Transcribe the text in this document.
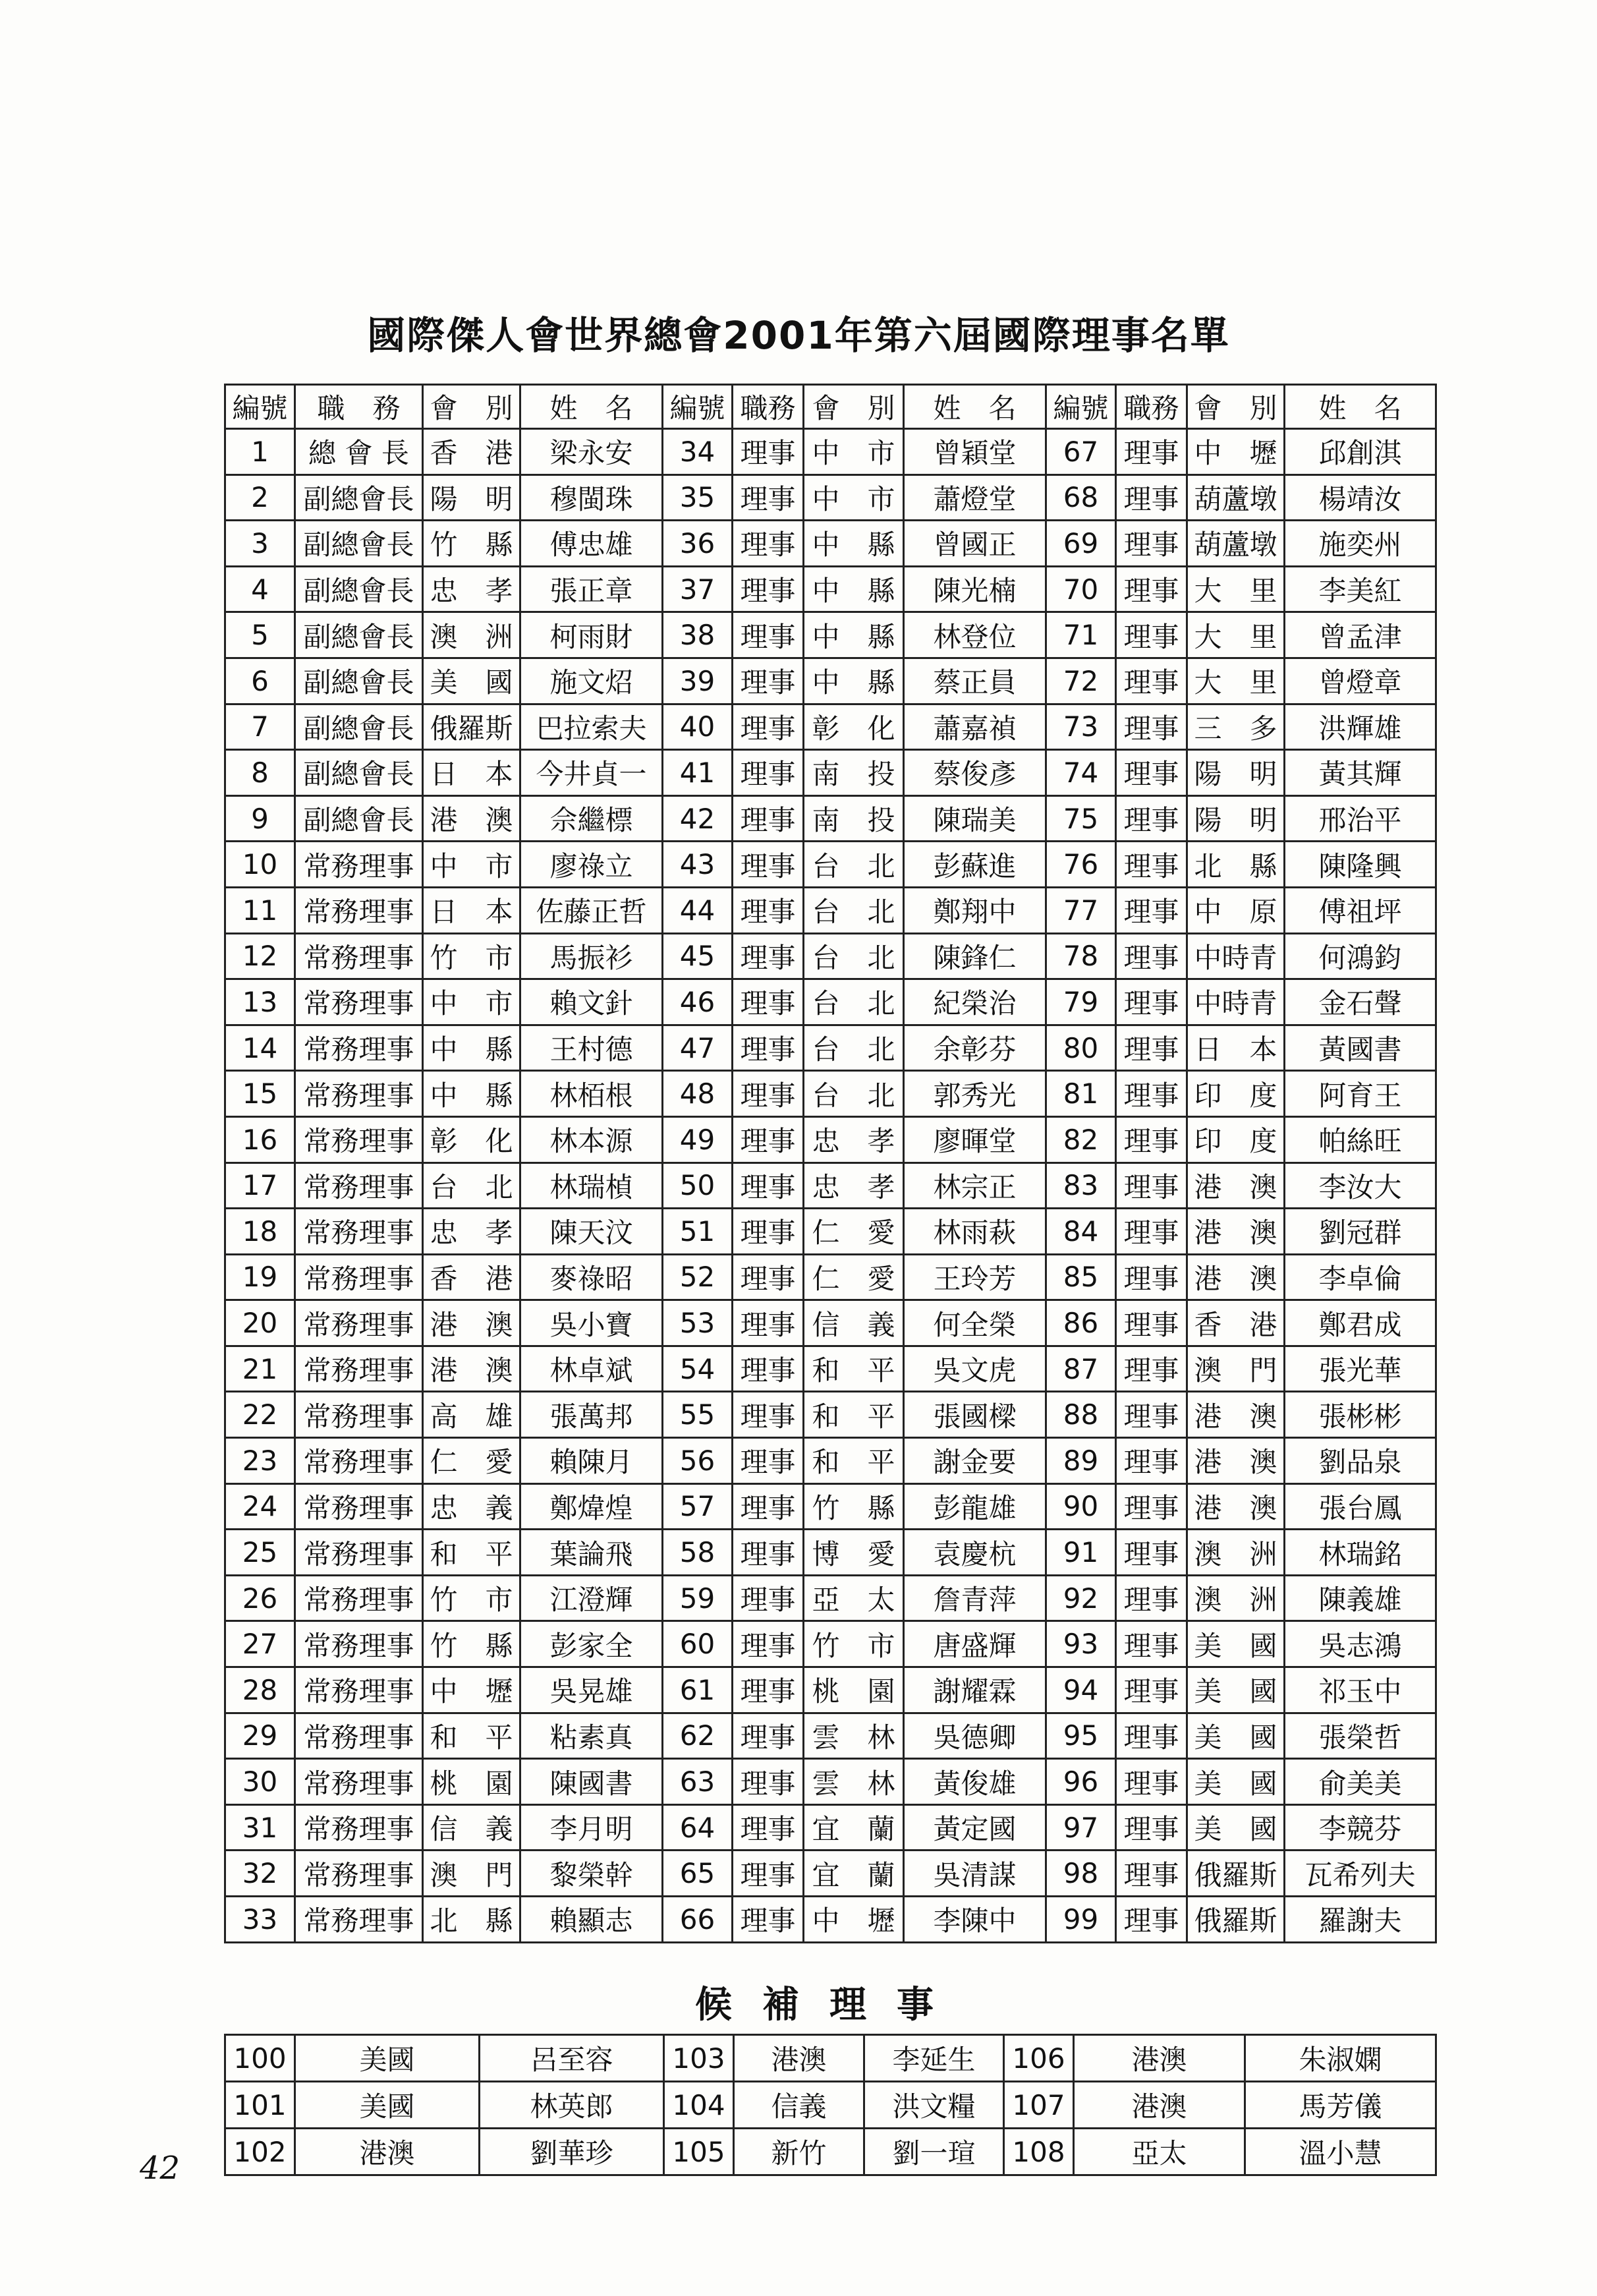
國際傑人會世界總會2001年第六屆國際理事名單
編號	職　務	會　別	姓　名	編號	職務	會　別	姓　名	編號	職務	會　別	姓　名
1	總 會 長	香　港	梁永安	34	理事	中　市	曾穎堂	67	理事	中　壢	邱創淇
2	副總會長	陽　明	穆閩珠	35	理事	中　市	蕭燈堂	68	理事	葫蘆墩	楊靖汝
3	副總會長	竹　縣	傅忠雄	36	理事	中　縣	曾國正	69	理事	葫蘆墩	施奕州
4	副總會長	忠　孝	張正章	37	理事	中　縣	陳光楠	70	理事	大　里	李美紅
5	副總會長	澳　洲	柯雨財	38	理事	中　縣	林登位	71	理事	大　里	曾孟津
6	副總會長	美　國	施文炤	39	理事	中　縣	蔡正員	72	理事	大　里	曾燈章
7	副總會長	俄羅斯	巴拉索夫	40	理事	彰　化	蕭嘉禎	73	理事	三　多	洪輝雄
8	副總會長	日　本	今井貞一	41	理事	南　投	蔡俊彥	74	理事	陽　明	黃其輝
9	副總會長	港　澳	佘繼標	42	理事	南　投	陳瑞美	75	理事	陽　明	邢治平
10	常務理事	中　市	廖祿立	43	理事	台　北	彭蘇進	76	理事	北　縣	陳隆興
11	常務理事	日　本	佐藤正哲	44	理事	台　北	鄭翔中	77	理事	中　原	傅祖坪
12	常務理事	竹　市	馬振衫	45	理事	台　北	陳鋒仁	78	理事	中時青	何鴻鈞
13	常務理事	中　市	賴文針	46	理事	台　北	紀榮治	79	理事	中時青	金石聲
14	常務理事	中　縣	王村德	47	理事	台　北	余彰芬	80	理事	日　本	黃國書
15	常務理事	中　縣	林栢根	48	理事	台　北	郭秀光	81	理事	印　度	阿育王
16	常務理事	彰　化	林本源	49	理事	忠　孝	廖暉堂	82	理事	印　度	帕絲旺
17	常務理事	台　北	林瑞楨	50	理事	忠　孝	林宗正	83	理事	港　澳	李汝大
18	常務理事	忠　孝	陳天汶	51	理事	仁　愛	林雨萩	84	理事	港　澳	劉冠群
19	常務理事	香　港	麥祿昭	52	理事	仁　愛	王玲芳	85	理事	港　澳	李卓倫
20	常務理事	港　澳	吳小寶	53	理事	信　義	何全榮	86	理事	香　港	鄭君成
21	常務理事	港　澳	林卓斌	54	理事	和　平	吳文虎	87	理事	澳　門	張光華
22	常務理事	高　雄	張萬邦	55	理事	和　平	張國樑	88	理事	港　澳	張彬彬
23	常務理事	仁　愛	賴陳月	56	理事	和　平	謝金要	89	理事	港　澳	劉品泉
24	常務理事	忠　義	鄭煒煌	57	理事	竹　縣	彭龍雄	90	理事	港　澳	張台鳳
25	常務理事	和　平	葉論飛	58	理事	博　愛	袁慶杭	91	理事	澳　洲	林瑞銘
26	常務理事	竹　市	江澄輝	59	理事	亞　太	詹青萍	92	理事	澳　洲	陳義雄
27	常務理事	竹　縣	彭家全	60	理事	竹　市	唐盛輝	93	理事	美　國	吳志鴻
28	常務理事	中　壢	吳晃雄	61	理事	桃　園	謝耀霖	94	理事	美　國	祁玉中
29	常務理事	和　平	粘素真	62	理事	雲　林	吳德卿	95	理事	美　國	張榮哲
30	常務理事	桃　園	陳國書	63	理事	雲　林	黃俊雄	96	理事	美　國	俞美美
31	常務理事	信　義	李月明	64	理事	宜　蘭	黃定國	97	理事	美　國	李競芬
32	常務理事	澳　門	黎榮幹	65	理事	宜　蘭	吳清謀	98	理事	俄羅斯	瓦希列夫
33	常務理事	北　縣	賴顯志	66	理事	中　壢	李陳中	99	理事	俄羅斯	羅謝夫
候補理事
100	美國	呂至容	103	港澳	李延生	106	港澳	朱淑嫻
101	美國	林英郎	104	信義	洪文糧	107	港澳	馬芳儀
102	港澳	劉華珍	105	新竹	劉一瑄	108	亞太	溫小慧
42
